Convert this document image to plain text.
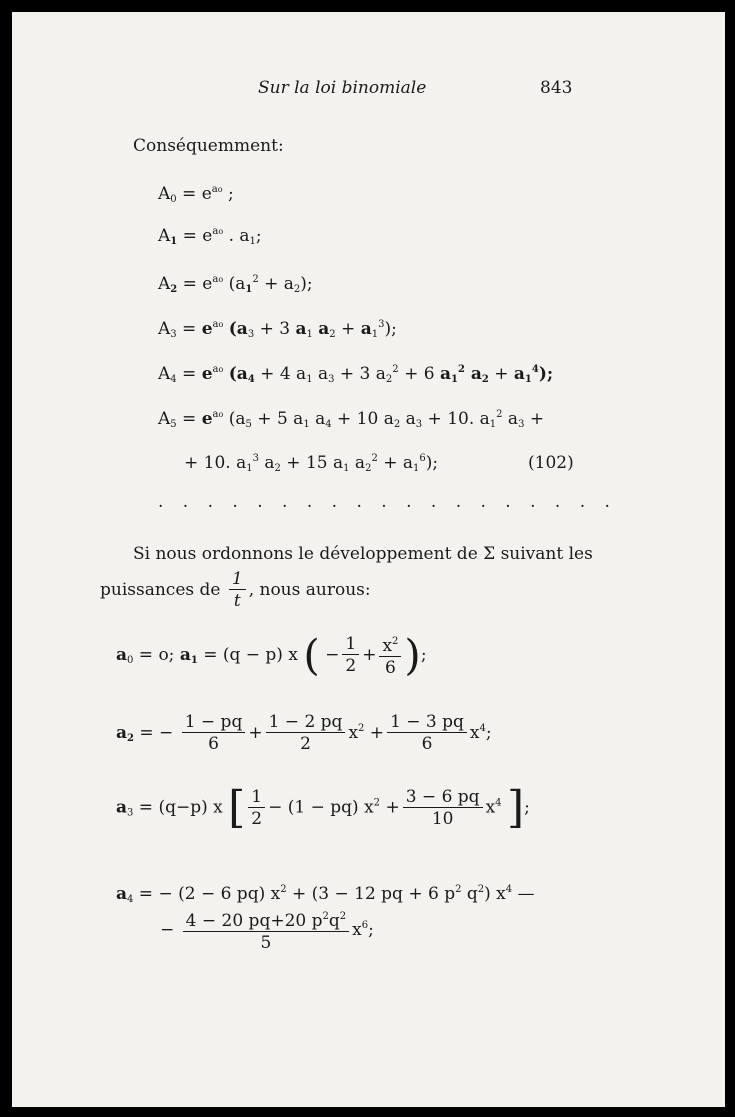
Sur la loi binomiale	843
Conséquemment:
$A_0 = e^{ao}$ ;
$A_1 = e^{ao}$ . $a_1$;
$A_2 = e^{ao}$ $(a_1^2 + a_2)$;
$A_3 = e^{ao}$ ($a_3 + 3$ $a_1$ $a_2 + a_1^3$);
$A_4 = e^{ao}$ ($a_4 + 4$ $a_1$ $a_3 + 3$ $a_2^2 + 6$ $a_1^2$ $a_2 + a_1^4$);
$A_5 = e^{ao}$ ($a_5 + 5$ $a_1$ $a_4 + 10$ $a_2$ $a_3 + 10$. $a_1^2$ $a_3$ +
+ 10. $a_1^3$ $a_2 + 15$ $a_1$ $a_2^2 + a_1^6$);	(102)
. . . . . . . . . . . . . . . . . . .
Si nous ordonnons le développement de Σ suivant les
puissances de $\frac{1}{t}$ , nous aurous:
$a_0 = o$; $a_1 = (q - p)$ x ( − $\frac{1}{2} + \frac{x^2}{6}$ );
$a_2$ = − $\frac{1 - pq}{6} + \frac{1 - 2 pq}{2} x^2 + \frac{1 - 3 pq}{6} x^4$;
$a_3 = (q-p)$ x [ $\frac{1}{2} - (1 - pq) x^2 + \frac{3 - 6 pq}{10} x^4$ ];
$a_4$ = − (2 − 6 pq) $x^2 + (3 - 12$ pq + 6 $p^2$ $q^2$) $x^4$ —
− $\frac{4 - 20 pq+20 p^2q^2}{5} x^6$;
